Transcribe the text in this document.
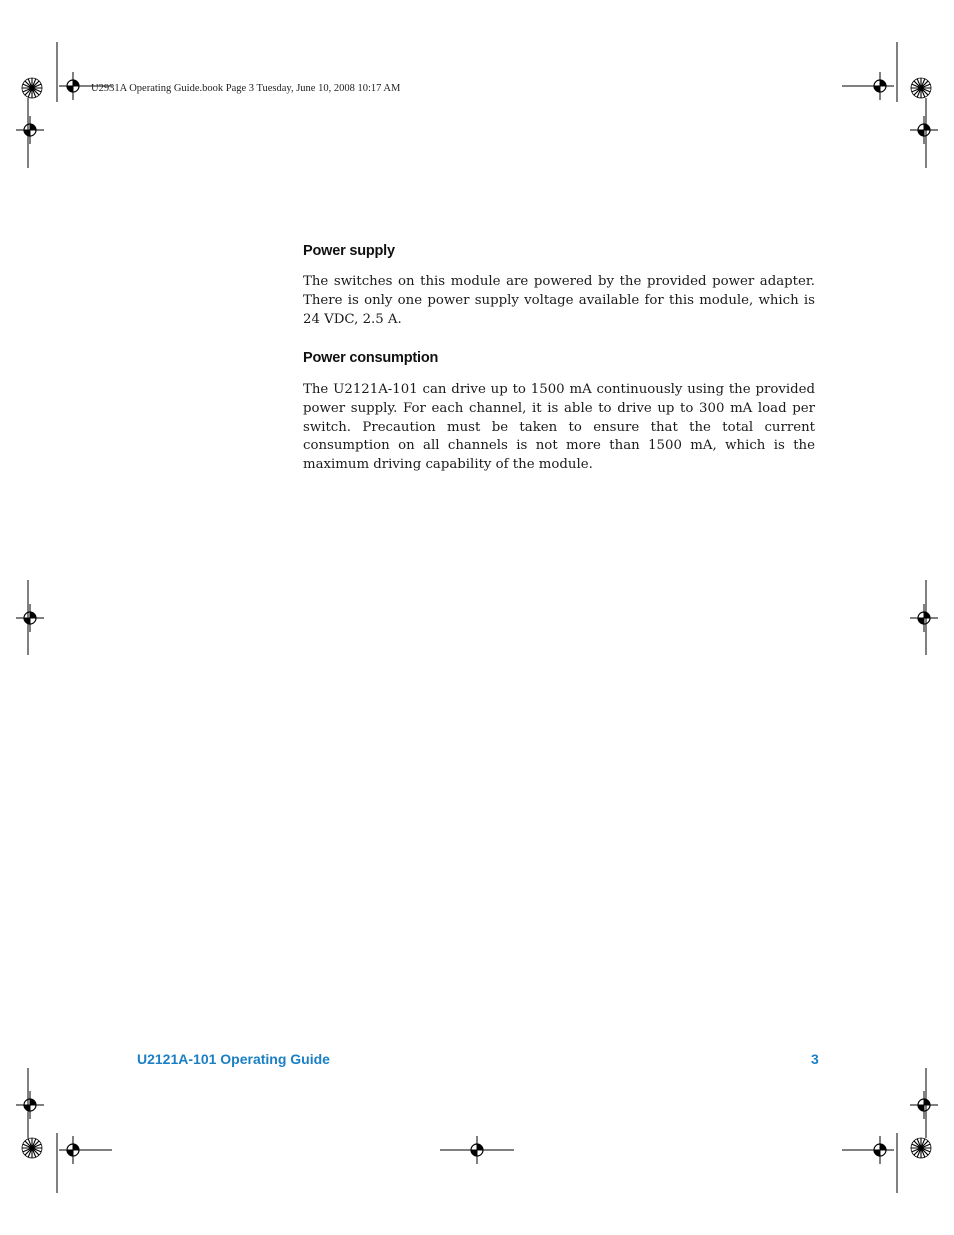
U2931A Operating Guide.book Page 3 Tuesday, June 10, 2008 10:17 AM
Power supply
The switches on this module are powered by the provided power adapter. There is only one power supply voltage available for this module, which is 24 VDC, 2.5 A.
Power consumption
The U2121A-101 can drive up to 1500 mA continuously using the provided power supply. For each channel, it is able to drive up to 300 mA load per switch. Precaution must be taken to ensure that the total current consumption on all channels is not more than 1500 mA, which is the maximum driving capability of the module.
U2121A-101 Operating Guide	3
